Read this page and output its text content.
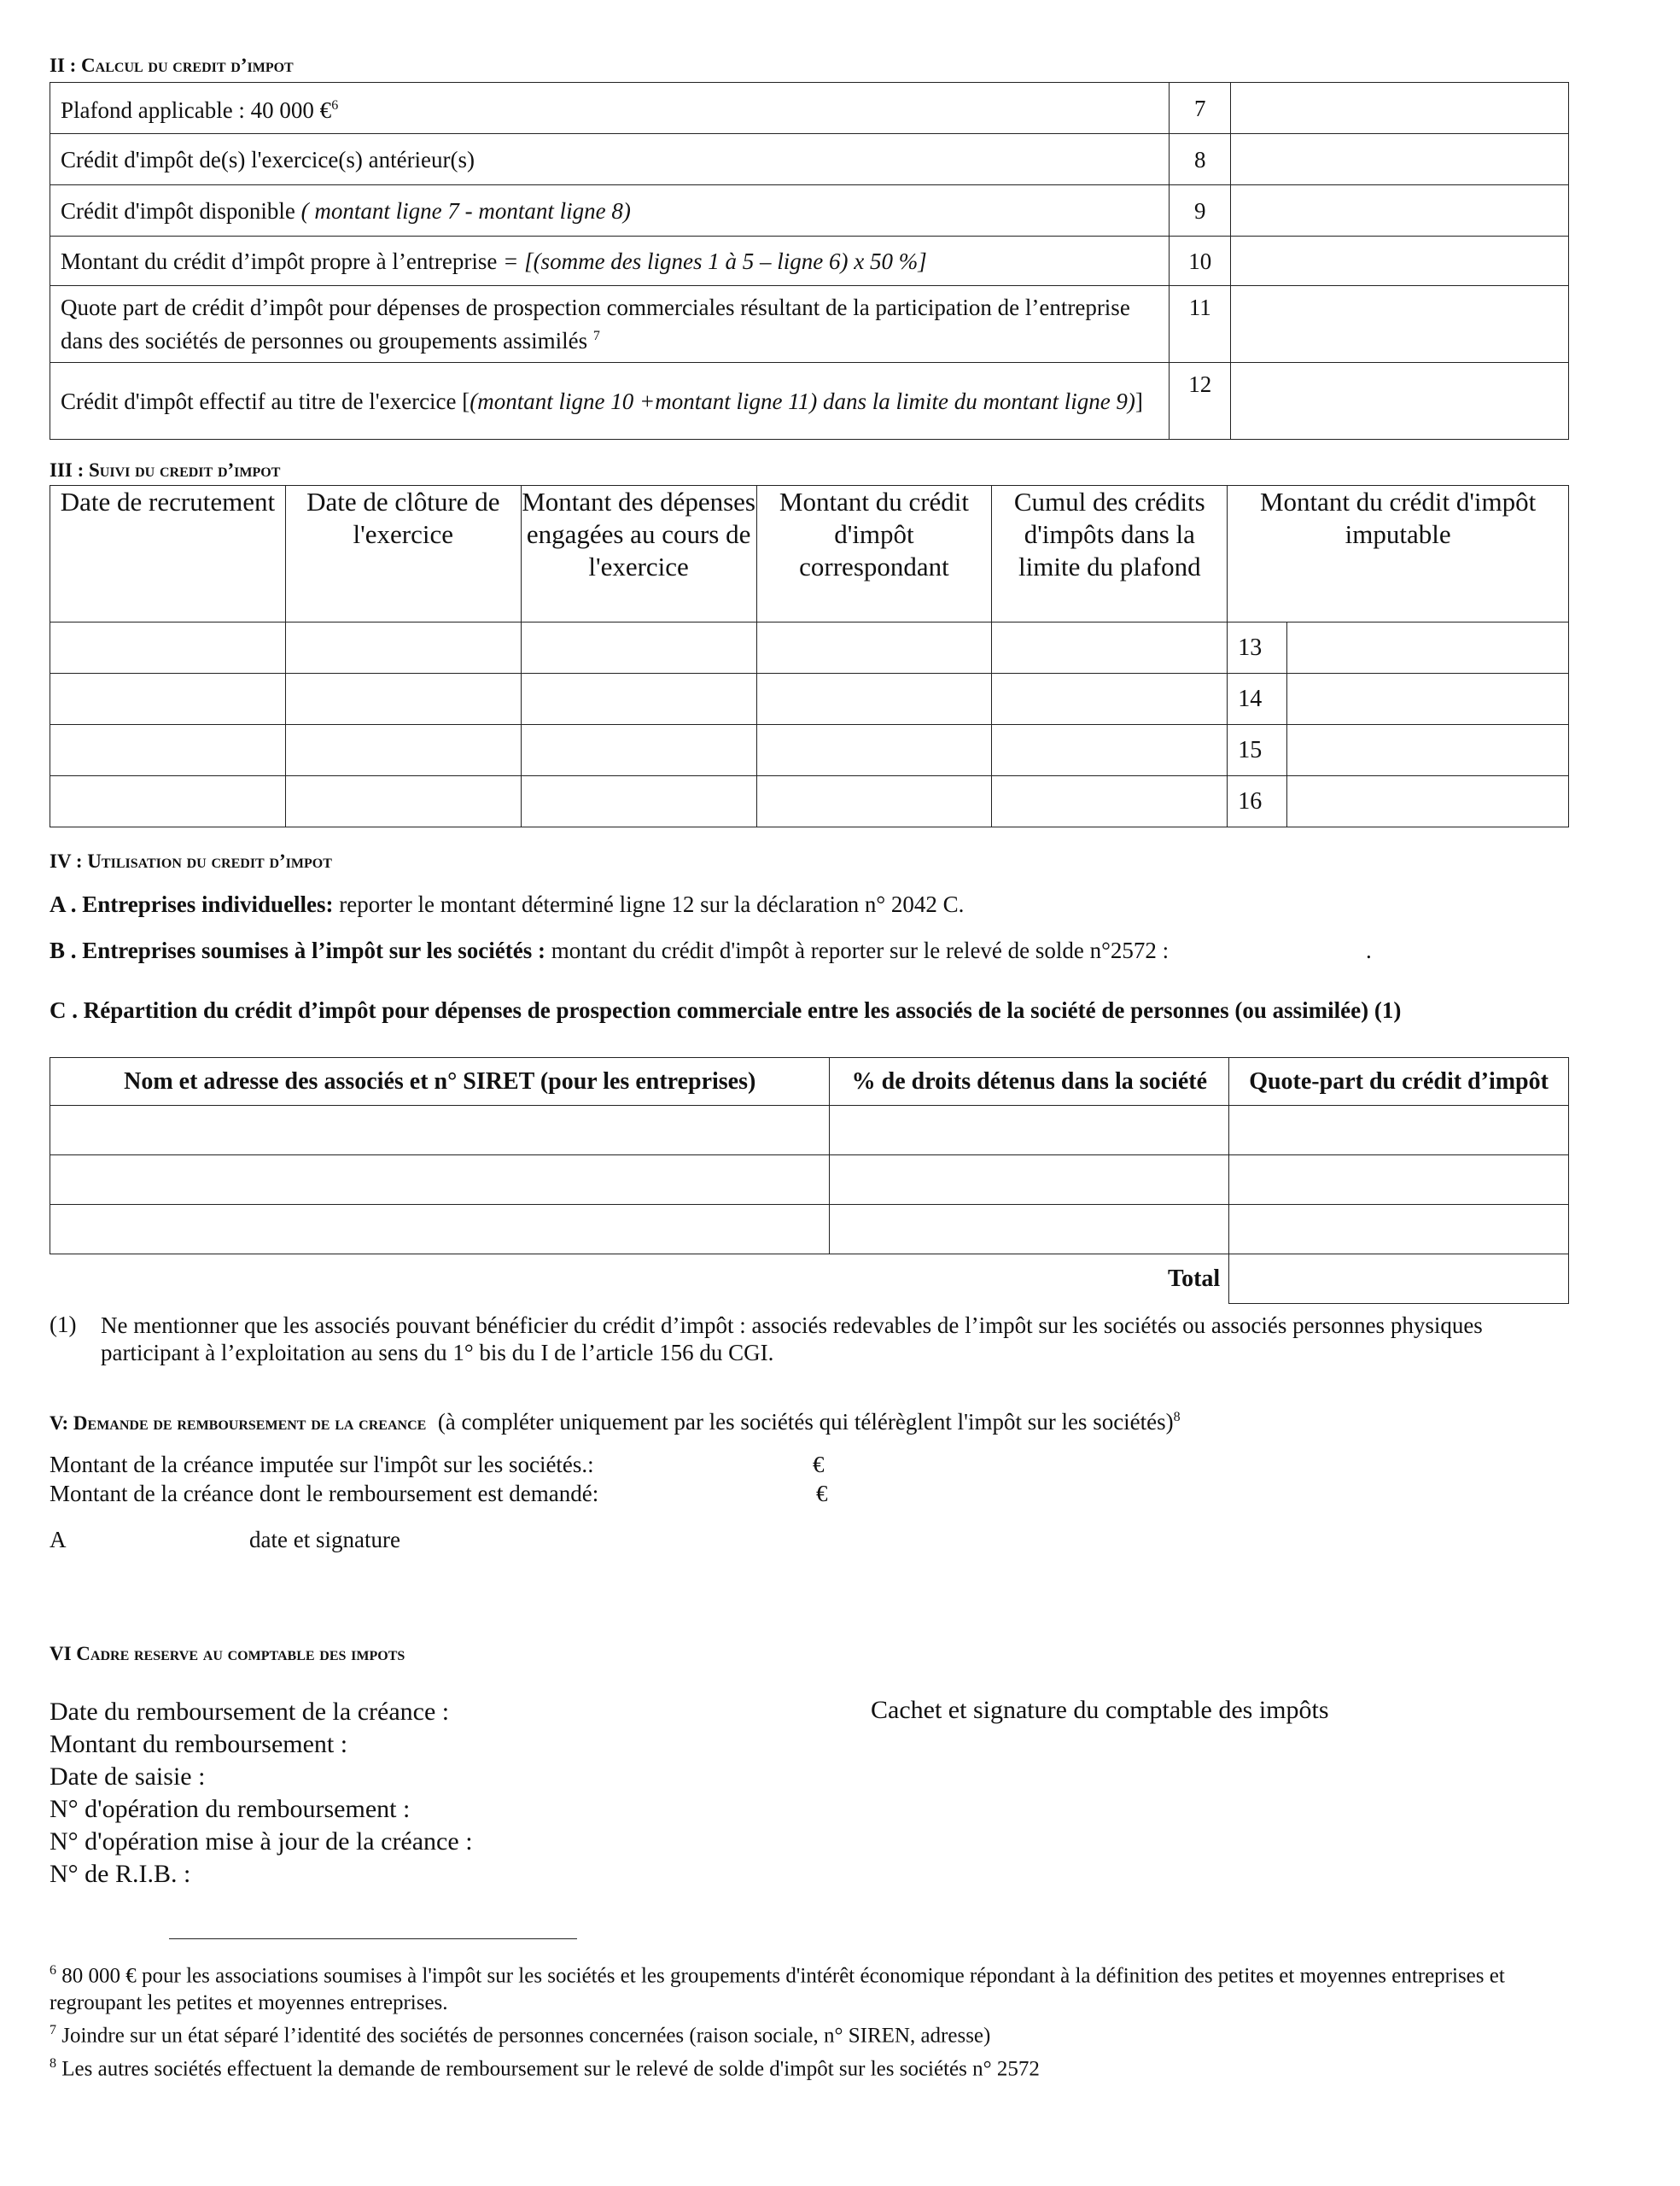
II : Calcul du credit d’impot
Plafond applicable : 40 000 €$^6$	7	
Crédit d'impôt de(s) l'exercice(s) antérieur(s)	8	
Crédit d'impôt disponible ( montant ligne 7 - montant ligne 8)	9	
Montant du crédit d’impôt propre à l’entreprise = [(somme des lignes 1 à 5 – ligne 6) x 50 %]	10	
Quote part de crédit d’impôt pour dépenses de prospection commerciales résultant de la participation de l’entreprise dans des sociétés de personnes ou groupements assimilés $^7$	11	
Crédit d'impôt effectif au titre de l'exercice [(montant ligne 10 +montant ligne 11) dans la limite du montant ligne 9)]	12	
III : Suivi du credit d’impot
Date de recrutement	Date de clôture de l'exercice	Montant des dépenses engagées au cours de l'exercice	Montant du crédit d'impôt correspondant	Cumul des crédits d'impôts dans la limite du plafond	Montant du crédit d'impôt imputable	
					13	
					14	
					15	
					16	
IV : Utilisation du credit d’impot
A . Entreprises individuelles: reporter le montant déterminé ligne 12 sur la déclaration n° 2042 C.
B . Entreprises soumises à l’impôt sur les sociétés : montant du crédit d'impôt à reporter sur le relevé de solde n°2572 :	.
C . Répartition du crédit d’impôt pour dépenses de prospection commerciale entre les associés de la société de personnes (ou assimilée) (1)
Nom et adresse des associés et n° SIRET (pour les entreprises)	% de droits détenus dans la société	Quote-part du crédit d’impôt

Total		
(1) Ne mentionner que les associés pouvant bénéficier du crédit d’impôt : associés redevables de l’impôt sur les sociétés ou associés personnes physiques participant à l’exploitation au sens du 1° bis du I de l’article 156 du CGI.
V: Demande de remboursement de la creance (à compléter uniquement par les sociétés qui télérèglent l'impôt sur les sociétés)$^8$
Montant de la créance imputée sur l'impôt sur les sociétés.:	€
Montant de la créance dont le remboursement est demandé:	€
A	date et signature
VI Cadre reserve au comptable des impots
Date du remboursement de la créance :
Montant du remboursement :
Date de saisie :
N° d'opération du remboursement :
N° d'opération mise à jour de la créance :
N° de R.I.B. :
Cachet et signature du comptable des impôts
$^6$ 80 000 € pour les associations soumises à l'impôt sur les sociétés et les groupements d'intérêt économique répondant à la définition des petites et moyennes entreprises et regroupant les petites et moyennes entreprises.
$^7$ Joindre sur un état séparé l’identité des sociétés de personnes concernées (raison sociale, n° SIREN, adresse)
$^8$ Les autres sociétés effectuent la demande de remboursement sur le relevé de solde d'impôt sur les sociétés n° 2572
